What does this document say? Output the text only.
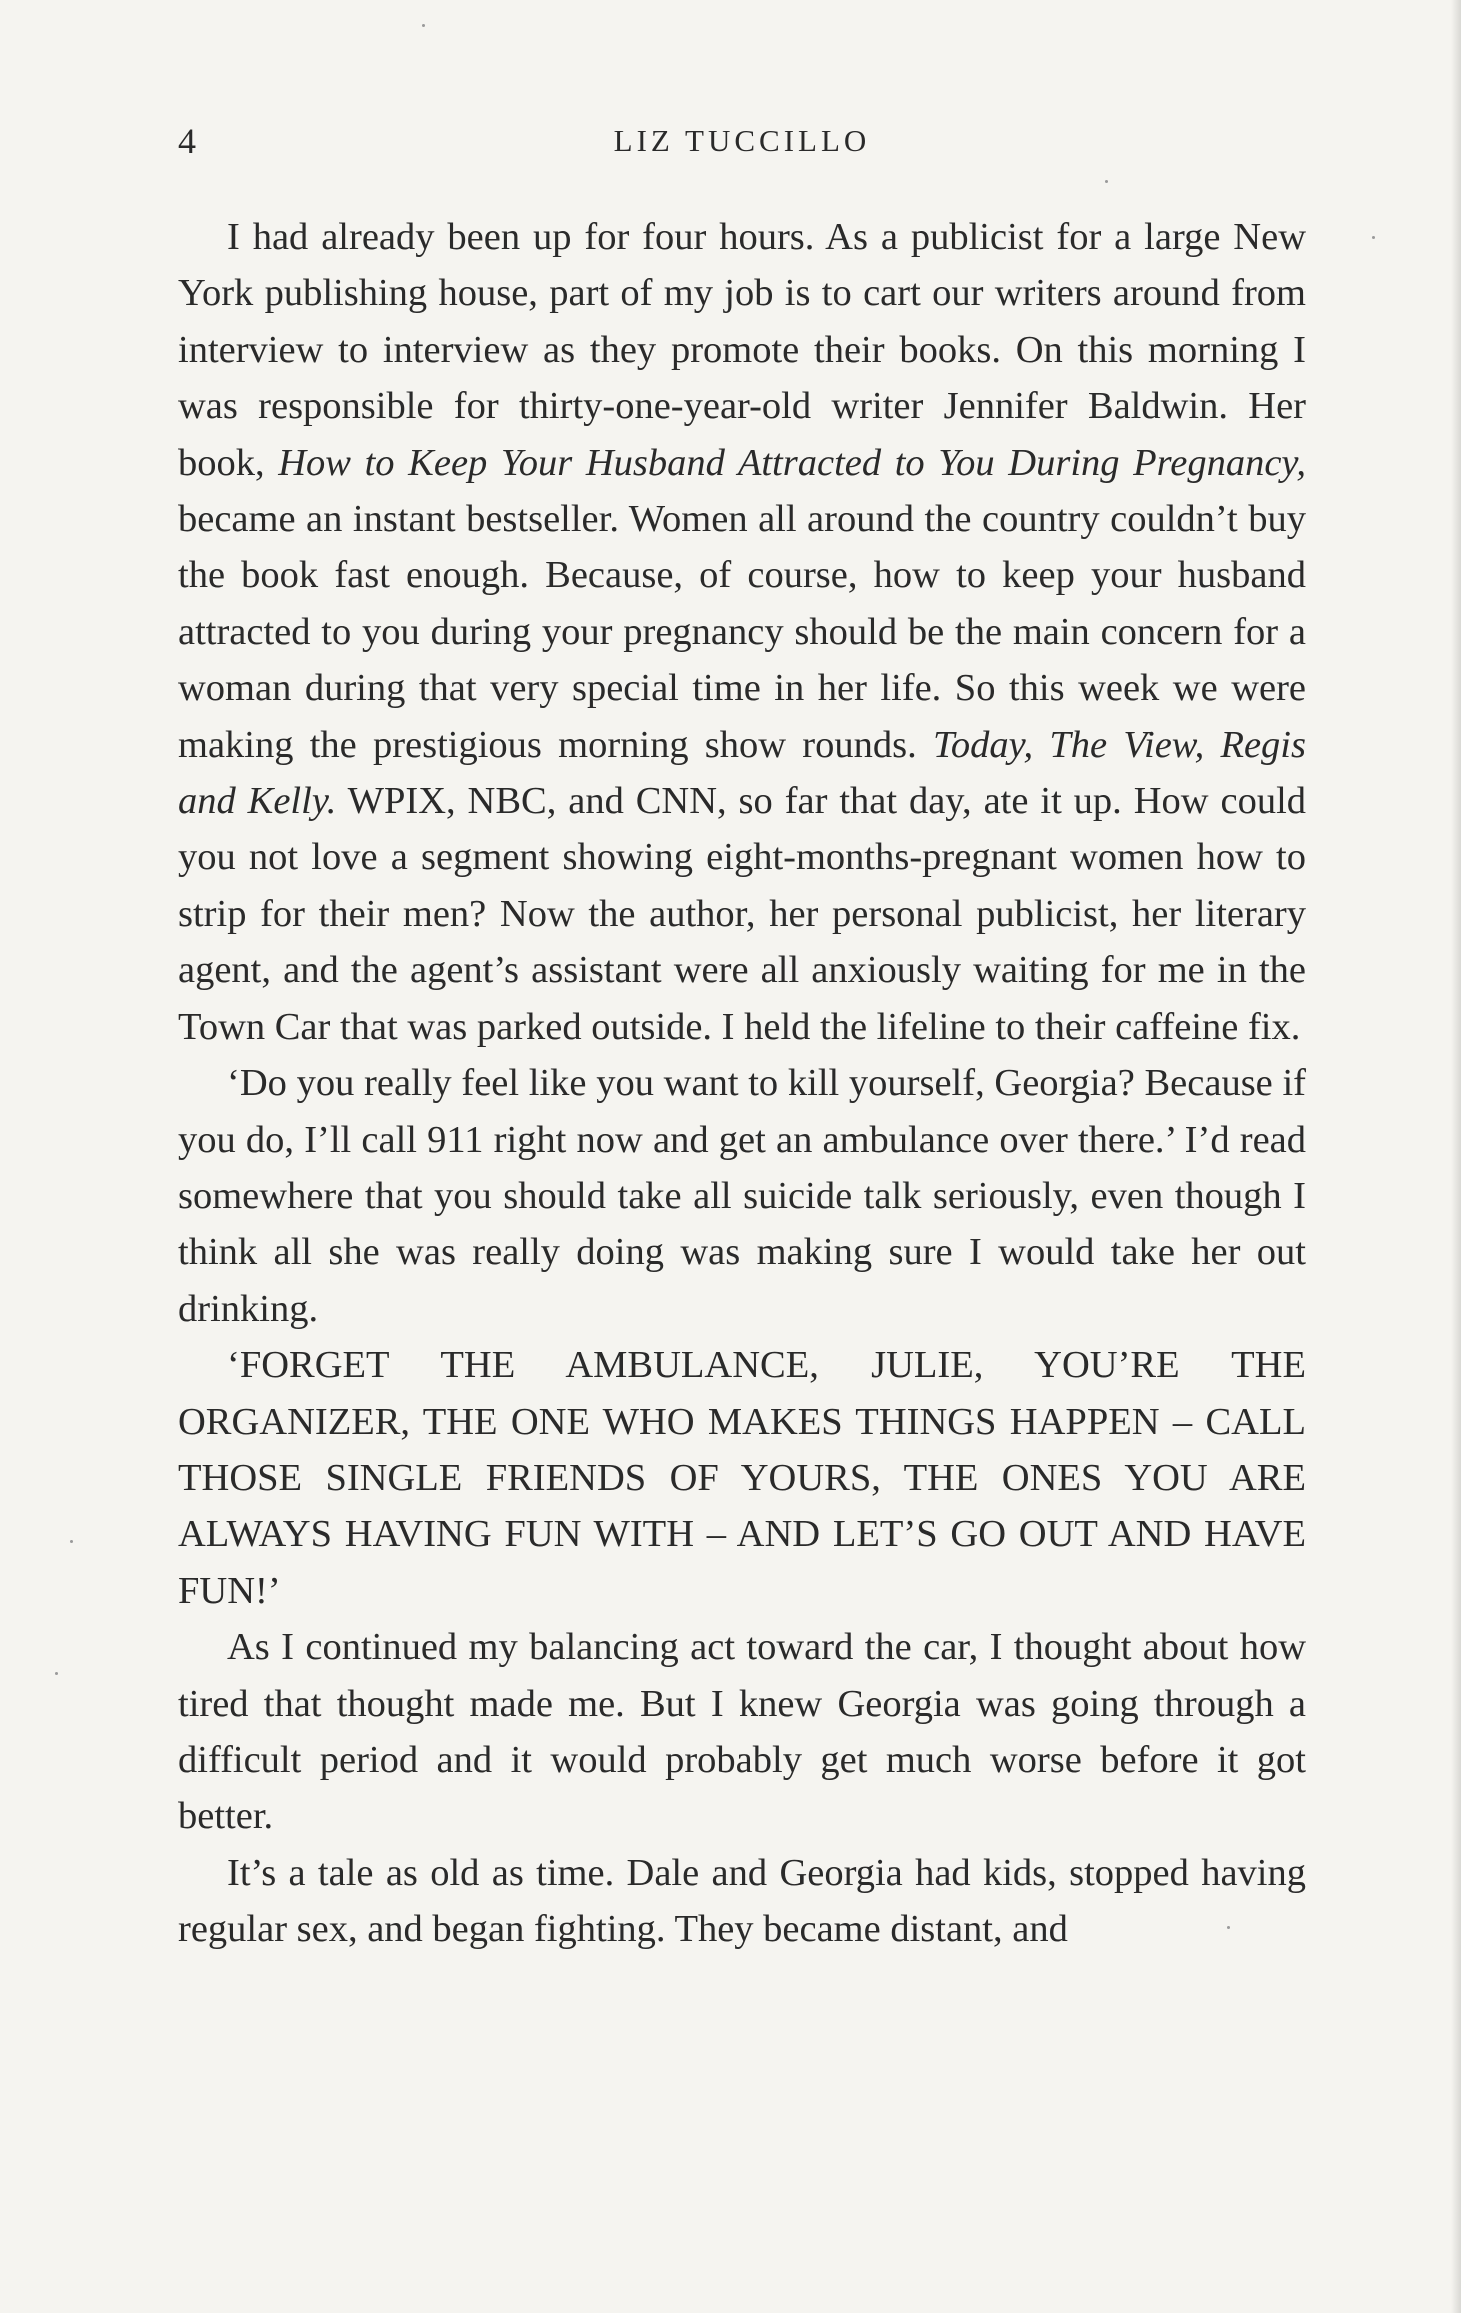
4	LIZ TUCCILLO

I had already been up for four hours. As a publicist for a large New York publishing house, part of my job is to cart our writers around from interview to interview as they promote their books. On this morning I was responsible for thirty-one-year-old writer Jennifer Baldwin. Her book, How to Keep Your Husband Attracted to You During Pregnancy, became an instant bestseller. Women all around the country couldn’t buy the book fast enough. Because, of course, how to keep your husband attracted to you during your pregnancy should be the main concern for a woman during that very special time in her life. So this week we were making the prestigious morning show rounds. Today, The View, Regis and Kelly. WPIX, NBC, and CNN, so far that day, ate it up. How could you not love a segment showing eight-months-pregnant women how to strip for their men? Now the author, her personal publicist, her literary agent, and the agent’s assistant were all anxiously waiting for me in the Town Car that was parked outside. I held the lifeline to their caffeine fix.

‘Do you really feel like you want to kill yourself, Georgia? Because if you do, I’ll call 911 right now and get an ambulance over there.’ I’d read somewhere that you should take all suicide talk seriously, even though I think all she was really doing was making sure I would take her out drinking.

‘FORGET THE AMBULANCE, JULIE, YOU’RE THE ORGANIZER, THE ONE WHO MAKES THINGS HAPPEN – CALL THOSE SINGLE FRIENDS OF YOURS, THE ONES YOU ARE ALWAYS HAVING FUN WITH – AND LET’S GO OUT AND HAVE FUN!’

As I continued my balancing act toward the car, I thought about how tired that thought made me. But I knew Georgia was going through a difficult period and it would probably get much worse before it got better.

It’s a tale as old as time. Dale and Georgia had kids, stopped having regular sex, and began fighting. They became distant, and
